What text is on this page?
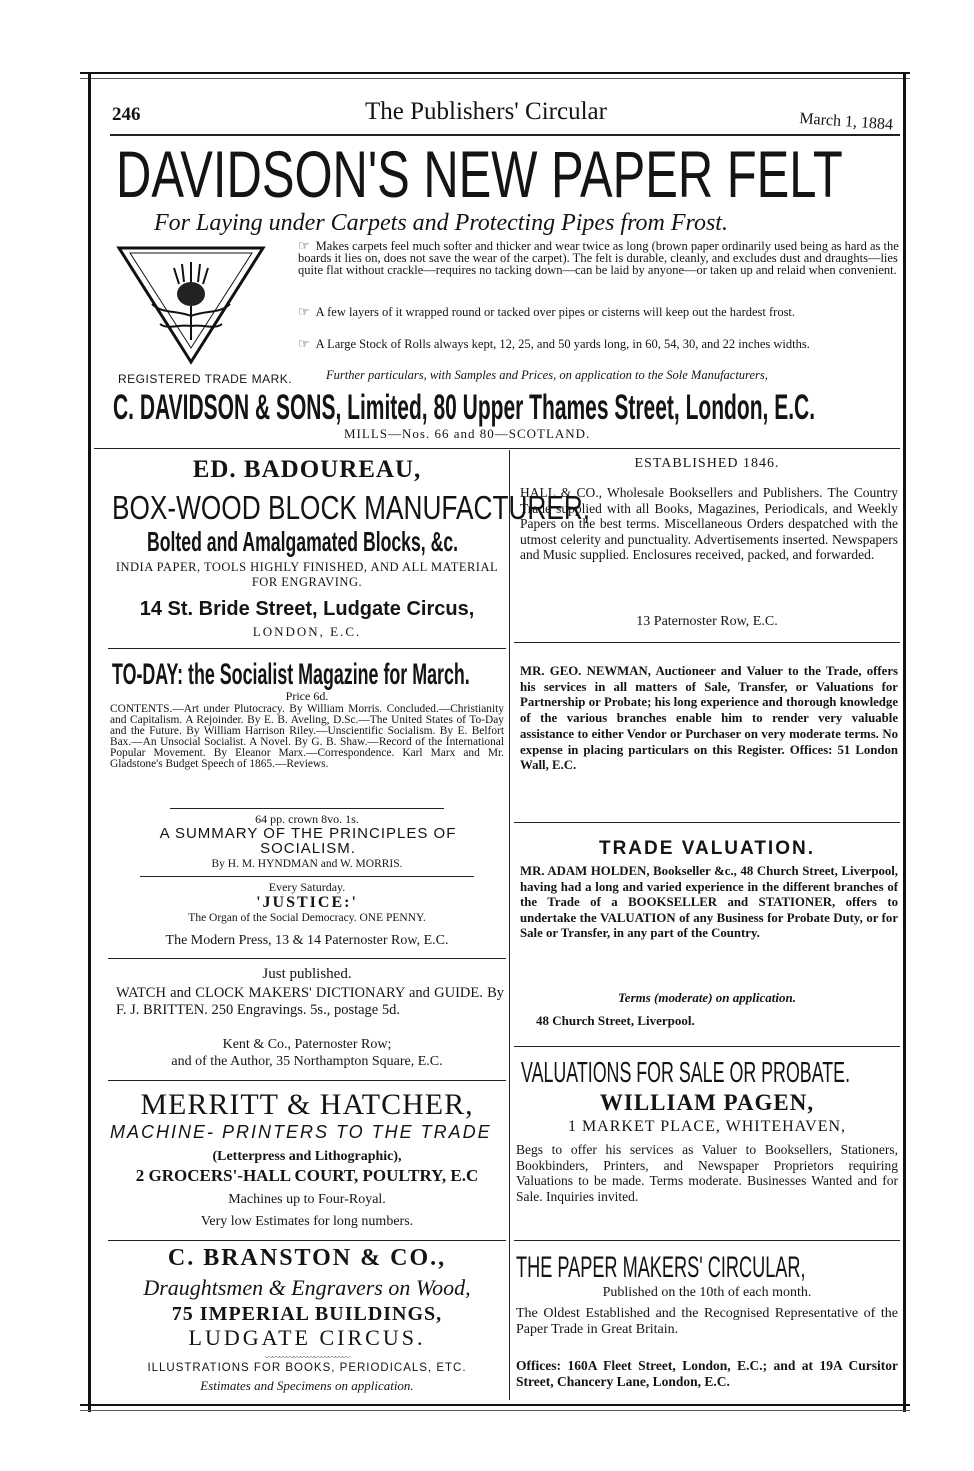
246	The Publishers' Circular	March 1, 1884
DAVIDSON'S NEW PAPER FELT
For Laying under Carpets and Protecting Pipes from Frost.
REGISTERED TRADE MARK.
☞ Makes carpets feel much softer and thicker and wear twice as long (brown paper ordinarily used being as hard as the boards it lies on, does not save the wear of the carpet). The felt is durable, cleanly, and excludes dust and draughts—lies quite flat without crackle—requires no tacking down—can be laid by anyone—or taken up and relaid when convenient.
☞ A few layers of it wrapped round or tacked over pipes or cisterns will keep out the hardest frost.
☞ A Large Stock of Rolls always kept, 12, 25, and 50 yards long, in 60, 54, 30, and 22 inches widths.
Further particulars, with Samples and Prices, on application to the Sole Manufacturers,
C. DAVIDSON & SONS, Limited, 80 Upper Thames Street, London, E.C.
MILLS—Nos. 66 and 80—SCOTLAND.
ED. BADOUREAU,
BOX-WOOD BLOCK MANUFACTURER,
Bolted and Amalgamated Blocks, &c.
INDIA PAPER, TOOLS HIGHLY FINISHED, AND ALL MATERIAL FOR ENGRAVING.
14 St. Bride Street, Ludgate Circus,
LONDON, E.C.
TO-DAY: the Socialist Magazine for March.
Price 6d.
CONTENTS.—Art under Plutocracy. By William Morris. Concluded.—Christianity and Capitalism. A Rejoinder. By E. B. Aveling, D.Sc.—The United States of To-Day and the Future. By William Harrison Riley.—Unscientific Socialism. By E. Belfort Bax.—An Unsocial Socialist. A Novel. By G. B. Shaw.—Record of the International Popular Movement. By Eleanor Marx.—Correspondence. Karl Marx and Mr. Gladstone's Budget Speech of 1865.—Reviews.
64 pp. crown 8vo. 1s.
A SUMMARY OF THE PRINCIPLES OF SOCIALISM.
By H. M. HYNDMAN and W. MORRIS.
Every Saturday.
'JUSTICE:'
The Organ of the Social Democracy. ONE PENNY.
The Modern Press, 13 & 14 Paternoster Row, E.C.
Just published.
WATCH and CLOCK MAKERS' DICTIONARY and GUIDE. By F. J. BRITTEN. 250 Engravings. 5s., postage 5d.
Kent & Co., Paternoster Row;
and of the Author, 35 Northampton Square, E.C.
MERRITT & HATCHER,
MACHINE- PRINTERS TO THE TRADE
(Letterpress and Lithographic),
2 GROCERS'-HALL COURT, POULTRY, E.C
Machines up to Four-Royal.
Very low Estimates for long numbers.
C. BRANSTON & CO.,
Draughtsmen & Engravers on Wood,
75 IMPERIAL BUILDINGS,
LUDGATE CIRCUS.
〰〰〰〰〰〰〰〰〰〰〰〰
ILLUSTRATIONS FOR BOOKS, PERIODICALS, ETC.
Estimates and Specimens on application.
ESTABLISHED 1846.
HALL & CO., Wholesale Booksellers and Publishers. The Country Trade supplied with all Books, Magazines, Periodicals, and Weekly Papers on the best terms. Miscellaneous Orders despatched with the utmost celerity and punctuality. Advertisements inserted. Newspapers and Music supplied. Enclosures received, packed, and forwarded.
13 Paternoster Row, E.C.
MR. GEO. NEWMAN, Auctioneer and Valuer to the Trade, offers his services in all matters of Sale, Transfer, or Valuations for Partnership or Probate; his long experience and thorough knowledge of the various branches enable him to render very valuable assistance to either Vendor or Purchaser on very moderate terms. No expense in placing particulars on this Register. Offices: 51 London Wall, E.C.
TRADE VALUATION.
MR. ADAM HOLDEN, Bookseller &c., 48 Church Street, Liverpool, having had a long and varied experience in the different branches of the Trade of a BOOKSELLER and STATIONER, offers to undertake the VALUATION of any Business for Probate Duty, or for Sale or Transfer, in any part of the Country.
Terms (moderate) on application.
48 Church Street, Liverpool.
VALUATIONS FOR SALE OR PROBATE.
WILLIAM PAGEN,
1 MARKET PLACE, WHITEHAVEN,
Begs to offer his services as Valuer to Booksellers, Stationers, Bookbinders, Printers, and Newspaper Proprietors requiring Valuations to be made. Terms moderate. Businesses Wanted and for Sale. Inquiries invited.
THE PAPER MAKERS' CIRCULAR,
Published on the 10th of each month.
The Oldest Established and the Recognised Representative of the Paper Trade in Great Britain.
Offices: 160A Fleet Street, London, E.C.; and at 19A Cursitor Street, Chancery Lane, London, E.C.
